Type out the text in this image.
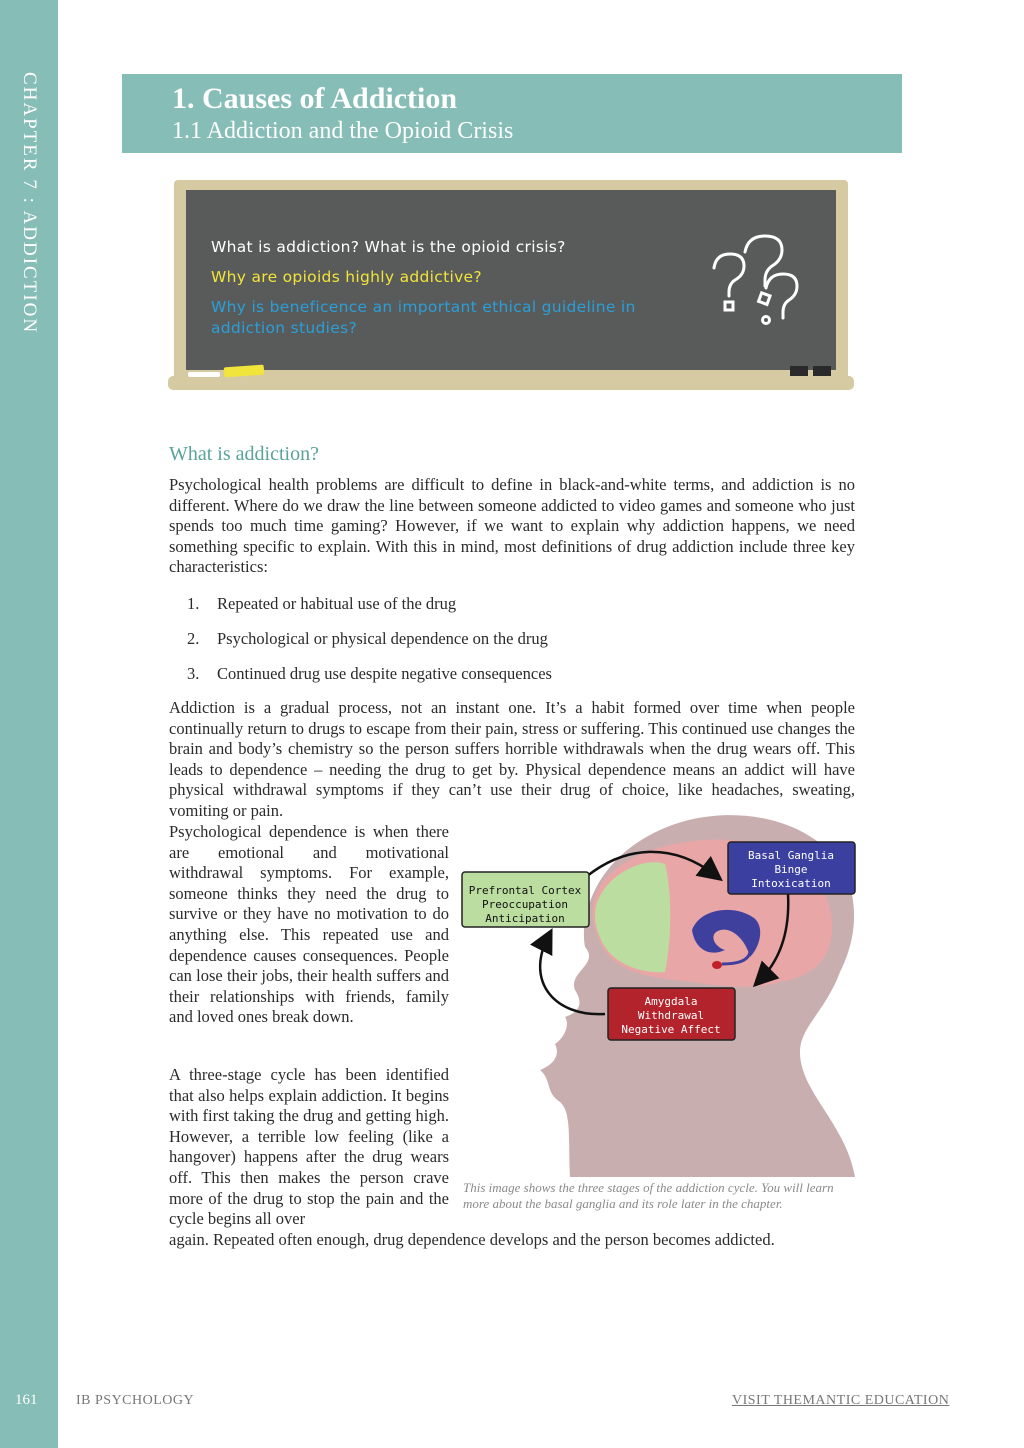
CHAPTER 7 : ADDICTION
161
1. Causes of Addiction
1.1 Addiction and the Opioid Crisis
What is addiction? What is the opioid crisis?
Why are opioids highly addictive?
Why is beneficence an important ethical guideline in addiction studies?
What is addiction?

Psychological health problems are difficult to define in black-and-white terms, and addiction is no different. Where do we draw the line between someone addicted to video games and someone who just spends too much time gaming? However, if we want to explain why addiction happens, we need something specific to explain. With this in mind, most definitions of drug addiction include three key characteristics:

1. Repeated or habitual use of the drug
2. Psychological or physical dependence on the drug
3. Continued drug use despite negative consequences

Addiction is a gradual process, not an instant one. It’s a habit formed over time when people continually return to drugs to escape from their pain, stress or suffering. This continued use changes the brain and body’s chemistry so the person suffers horrible withdrawals when the drug wears off. This leads to dependence – needing the drug to get by. Physical dependence means an addict will have physical withdrawal symptoms if they can’t use their drug of choice, like headaches, sweating, vomiting or pain.

Psychological dependence is when there are emotional and motivational withdrawal symptoms. For example, someone thinks they need the drug to survive or they have no motivation to do anything else. This repeated use and dependence causes consequences. People can lose their jobs, their health suffers and their relationships with friends, family and loved ones break down.

A three-stage cycle has been identified that also helps explain addiction. It begins with first taking the drug and getting high. However, a terrible low feeling (like a hangover) happens after the drug wears off. This then makes the person crave more of the drug to stop the pain and the cycle begins all over

again. Repeated often enough, drug dependence develops and the person becomes addicted.

Prefrontal Cortex
Preoccupation
Anticipation
Basal Ganglia
Binge
Intoxication
Amygdala
Withdrawal
Negative Affect
This image shows the three stages of the addiction cycle. You will learn more about the basal ganglia and its role later in the chapter.
IB PSYCHOLOGY	VISIT THEMANTIC EDUCATION
